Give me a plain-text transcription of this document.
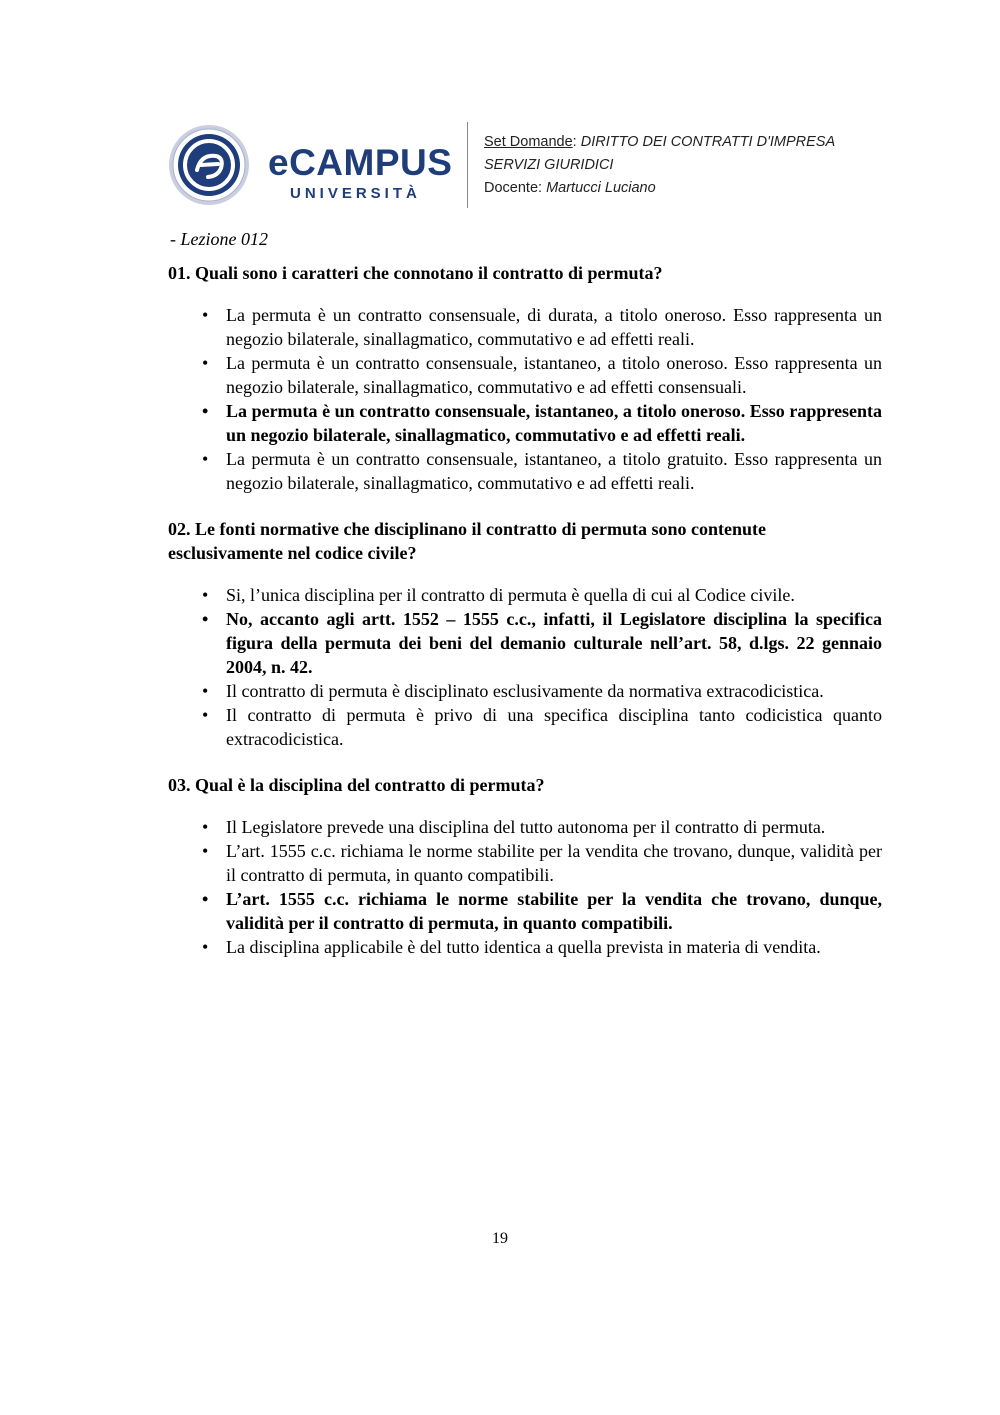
eCAMPUS
UNIVERSITÀ
Set Domande: DIRITTO DEI CONTRATTI D'IMPRESA
SERVIZI GIURIDICI
Docente: Martucci Luciano
- Lezione 012
01. Quali sono i caratteri che connotano il contratto di permuta?
• La permuta è un contratto consensuale, di durata, a titolo oneroso. Esso rappresenta un negozio bilaterale, sinallagmatico, commutativo e ad effetti reali.
• La permuta è un contratto consensuale, istantaneo, a titolo oneroso. Esso rappresenta un negozio bilaterale, sinallagmatico, commutativo e ad effetti consensuali.
• La permuta è un contratto consensuale, istantaneo, a titolo oneroso. Esso rappresenta un negozio bilaterale, sinallagmatico, commutativo e ad effetti reali.
• La permuta è un contratto consensuale, istantaneo, a titolo gratuito. Esso rappresenta un negozio bilaterale, sinallagmatico, commutativo e ad effetti reali.
02. Le fonti normative che disciplinano il contratto di permuta sono contenute esclusivamente nel codice civile?
• Si, l’unica disciplina per il contratto di permuta è quella di cui al Codice civile.
• No, accanto agli artt. 1552 – 1555 c.c., infatti, il Legislatore disciplina la specifica figura della permuta dei beni del demanio culturale nell’art. 58, d.lgs. 22 gennaio 2004, n. 42.
• Il contratto di permuta è disciplinato esclusivamente da normativa extracodicistica.
• Il contratto di permuta è privo di una specifica disciplina tanto codicistica quanto extracodicistica.
03. Qual è la disciplina del contratto di permuta?
• Il Legislatore prevede una disciplina del tutto autonoma per il contratto di permuta.
• L’art. 1555 c.c. richiama le norme stabilite per la vendita che trovano, dunque, validità per il contratto di permuta, in quanto compatibili.
• L’art. 1555 c.c. richiama le norme stabilite per la vendita che trovano, dunque, validità per il contratto di permuta, in quanto compatibili.
• La disciplina applicabile è del tutto identica a quella prevista in materia di vendita.
19
